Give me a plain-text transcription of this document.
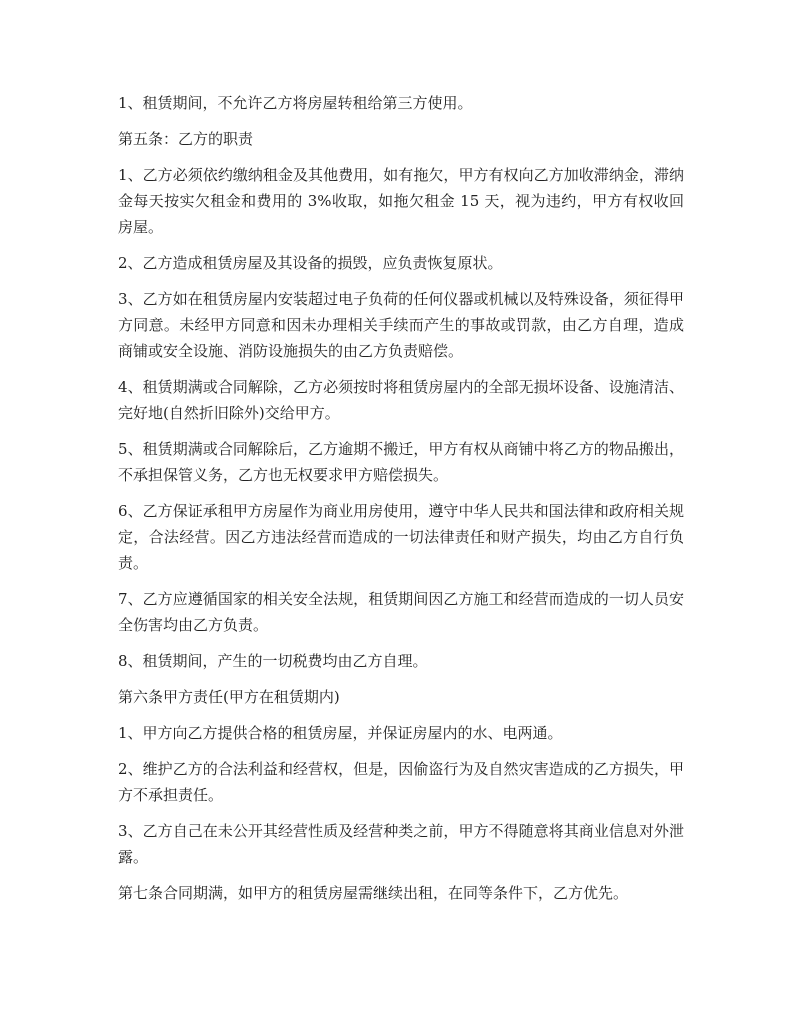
1、租赁期间，不允许乙方将房屋转租给第三方使用。

第五条：乙方的职责

1、乙方必须依约缴纳租金及其他费用，如有拖欠，甲方有权向乙方加收滞纳金，滞纳金每天按实欠租金和费用的 3%收取，如拖欠租金 15 天，视为违约，甲方有权收回房屋。

2、乙方造成租赁房屋及其设备的损毁，应负责恢复原状。

3、乙方如在租赁房屋内安装超过电子负荷的任何仪器或机械以及特殊设备，须征得甲方同意。未经甲方同意和因未办理相关手续而产生的事故或罚款，由乙方自理，造成商铺或安全设施、消防设施损失的由乙方负责赔偿。

4、租赁期满或合同解除，乙方必须按时将租赁房屋内的全部无损坏设备、设施清洁、完好地(自然折旧除外)交给甲方。

5、租赁期满或合同解除后，乙方逾期不搬迁，甲方有权从商铺中将乙方的物品搬出，不承担保管义务，乙方也无权要求甲方赔偿损失。

6、乙方保证承租甲方房屋作为商业用房使用，遵守中华人民共和国法律和政府相关规定，合法经营。因乙方违法经营而造成的一切法律责任和财产损失，均由乙方自行负责。

7、乙方应遵循国家的相关安全法规，租赁期间因乙方施工和经营而造成的一切人员安全伤害均由乙方负责。

8、租赁期间，产生的一切税费均由乙方自理。

第六条甲方责任(甲方在租赁期内)

1、甲方向乙方提供合格的租赁房屋，并保证房屋内的水、电两通。

2、维护乙方的合法利益和经营权，但是，因偷盗行为及自然灾害造成的乙方损失，甲方不承担责任。

3、乙方自己在未公开其经营性质及经营种类之前，甲方不得随意将其商业信息对外泄露。

第七条合同期满，如甲方的租赁房屋需继续出租，在同等条件下，乙方优先。
